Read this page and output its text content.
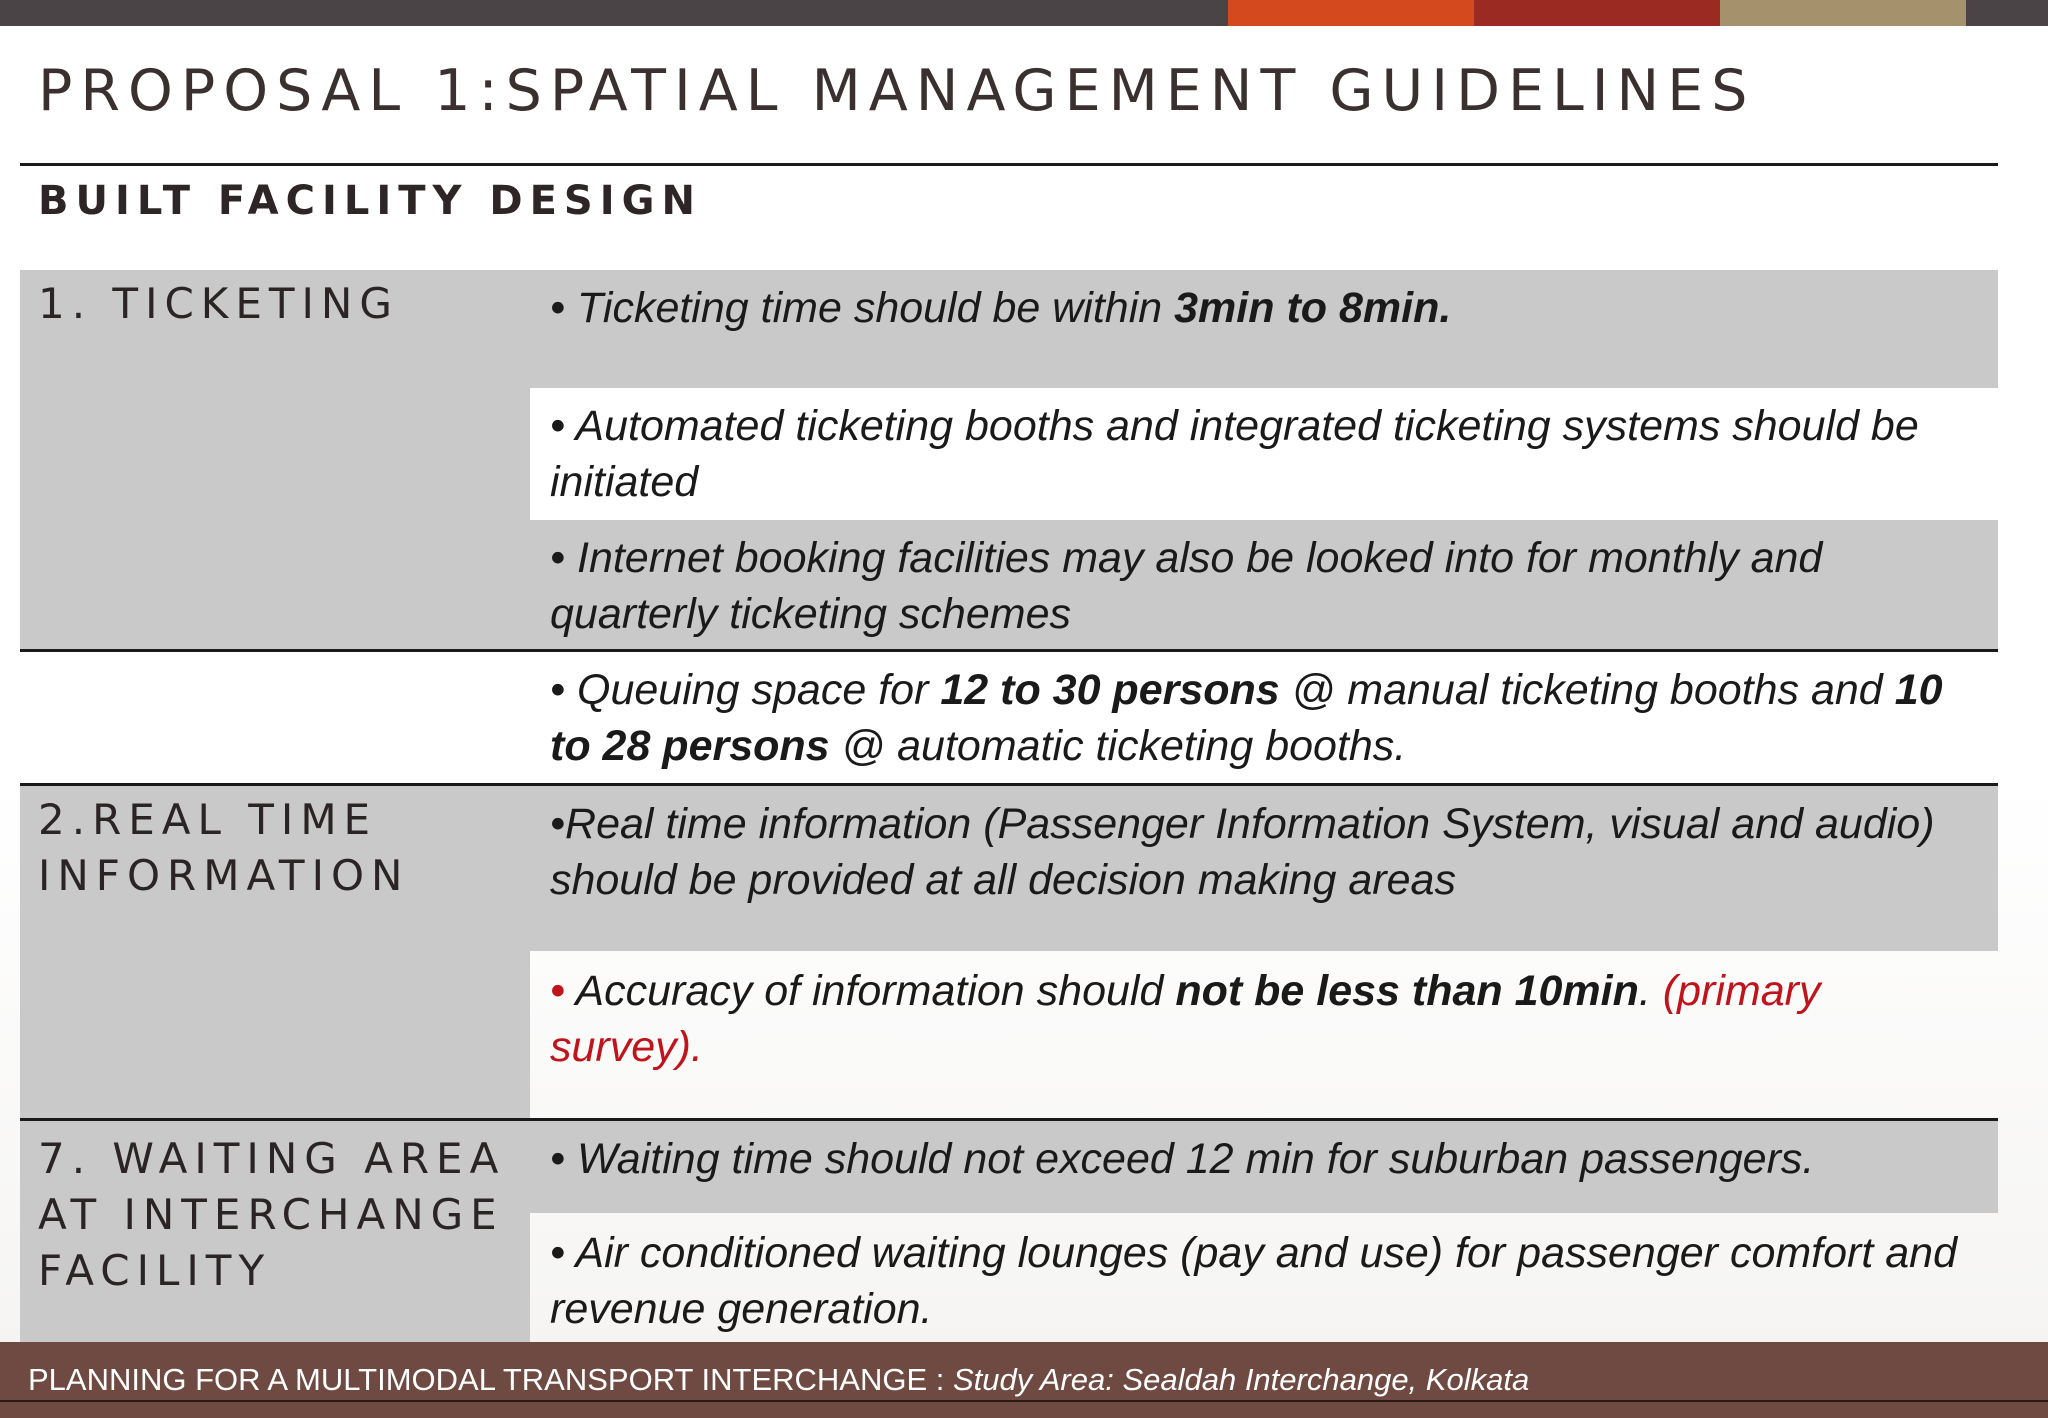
PROPOSAL 1:SPATIAL MANAGEMENT GUIDELINES
BUILT FACILITY DESIGN
1. TICKETING	• Ticketing time should be within 3min to 8min.
• Automated ticketing booths and integrated ticketing systems should be initiated
• Internet booking facilities may also be looked into for monthly and quarterly ticketing schemes
• Queuing space for 12 to 30 persons @ manual ticketing booths and 10 to 28 persons @ automatic ticketing booths.
2.REAL TIME INFORMATION
•Real time information (Passenger Information System, visual and audio) should be provided at all decision making areas
• Accuracy of information should not be less than 10min. (primary survey).
7. WAITING AREA AT INTERCHANGE FACILITY
• Waiting time should not exceed 12 min for suburban passengers.
• Air conditioned waiting lounges (pay and use) for passenger comfort and revenue generation.
PLANNING FOR A MULTIMODAL TRANSPORT INTERCHANGE : Study Area: Sealdah Interchange, Kolkata
